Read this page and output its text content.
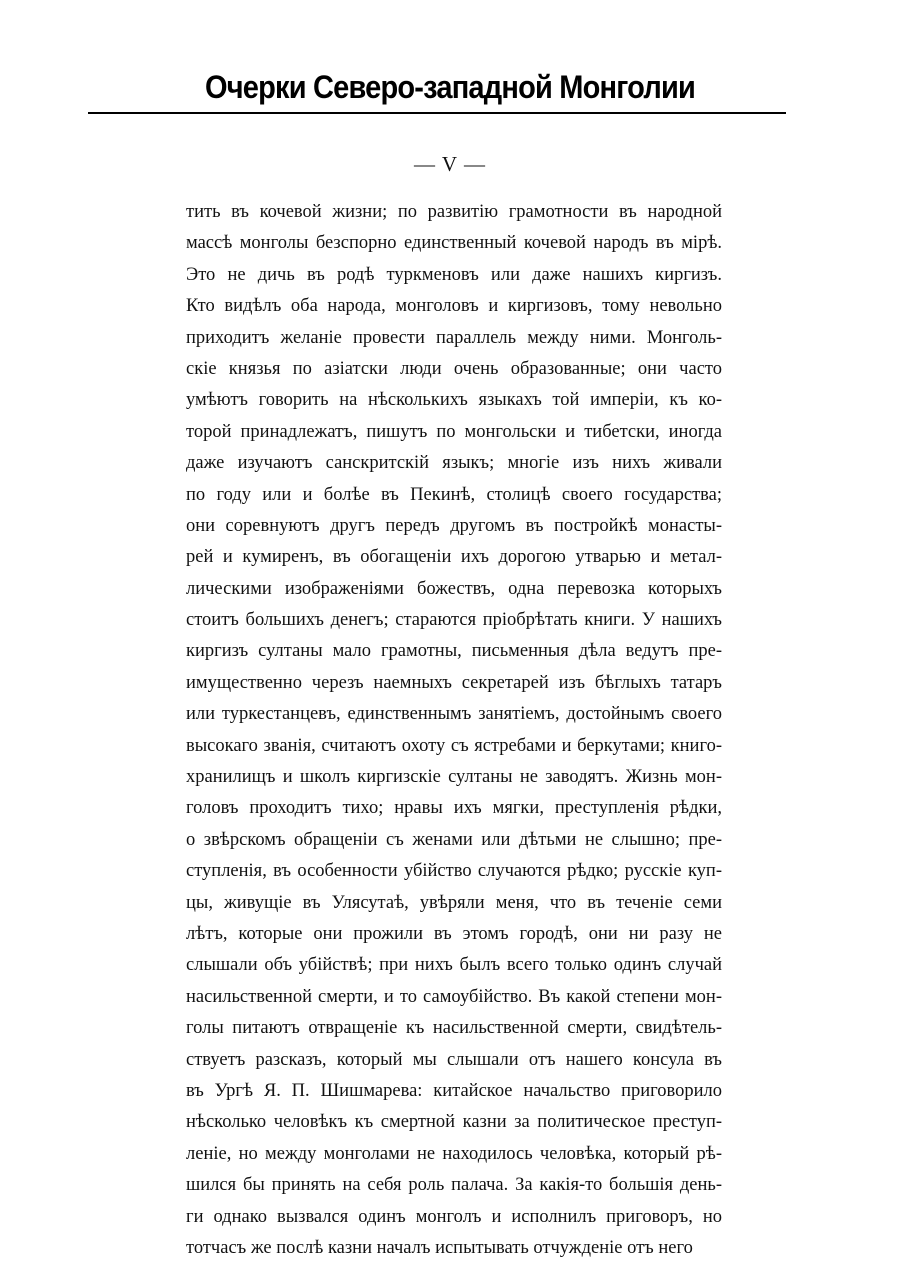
Очерки Северо-западной Монголии
— V —
тить въ кочевой жизни; по развитію грамотности въ народной
массѣ монголы безспорно единственный кочевой народъ въ мірѣ.
Это не дичь въ родѣ туркменовъ или даже нашихъ киргизъ.
Кто видѣлъ оба народа, монголовъ и киргизовъ, тому невольно
приходитъ желаніе провести параллель между ними. Монголь-
скіе князья по азіатски люди очень образованные; они часто
умѣютъ говорить на нѣсколькихъ языкахъ той имперіи, къ ко-
торой принадлежатъ, пишутъ по монгольски и тибетски, иногда
даже изучаютъ санскритскій языкъ; многіе изъ нихъ живали
по году или и болѣе въ Пекинѣ, столицѣ своего государства;
они соревнуютъ другъ передъ другомъ въ постройкѣ монасты-
рей и кумиренъ, въ обогащеніи ихъ дорогою утварью и метал-
лическими изображеніями божествъ, одна перевозка которыхъ
стоитъ большихъ денегъ; стараются пріобрѣтать книги. У нашихъ
киргизъ султаны мало грамотны, письменныя дѣла ведутъ пре-
имущественно черезъ наемныхъ секретарей изъ бѣглыхъ татаръ
или туркестанцевъ, единственнымъ занятіемъ, достойнымъ своего
высокаго званія, считаютъ охоту съ ястребами и беркутами; книго-
хранилищъ и школъ киргизскіе султаны не заводятъ. Жизнь мон-
головъ проходитъ тихо; нравы ихъ мягки, преступленія рѣдки,
о звѣрскомъ обращеніи съ женами или дѣтьми не слышно; пре-
ступленія, въ особенности убійство случаются рѣдко; русскіе куп-
цы, живущіе въ Улясутаѣ, увѣряли меня, что въ теченіе семи
лѣтъ, которые они прожили въ этомъ городѣ, они ни разу не
слышали объ убійствѣ; при нихъ былъ всего только одинъ случай
насильственной смерти, и то самоубійство. Въ какой степени мон-
голы питаютъ отвращеніе къ насильственной смерти, свидѣтель-
ствуетъ разсказъ, который мы слышали отъ нашего консула въ
въ Ургѣ Я. П. Шишмарева: китайское начальство приговорило
нѣсколько человѣкъ къ смертной казни за политическое преступ-
леніе, но между монголами не находилось человѣка, который рѣ-
шился бы принять на себя роль палача. За какія-то большія день-
ги однако вызвался одинъ монголъ и исполнилъ приговоръ, но
тотчасъ же послѣ казни началъ испытывать отчужденіе отъ него
